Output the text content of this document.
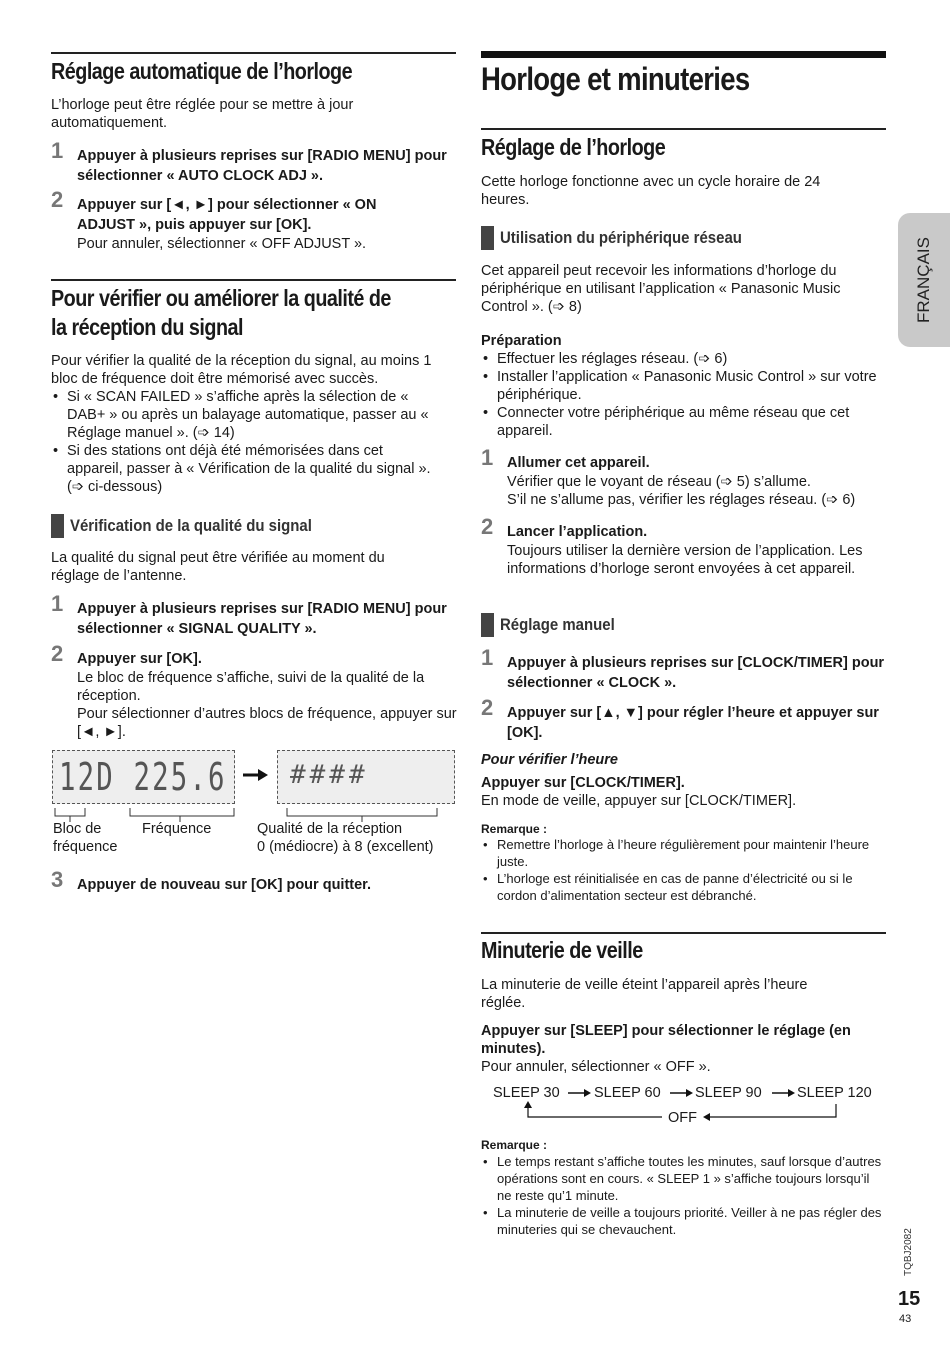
Réglage automatique de l’horloge
L’horloge peut être réglée pour se mettre à jour automatiquement.
1 Appuyer à plusieurs reprises sur [RADIO MENU] pour sélectionner « AUTO CLOCK ADJ ».
2 Appuyer sur [◄, ►] pour sélectionner « ON ADJUST », puis appuyer sur [OK].
Pour annuler, sélectionner « OFF ADJUST ».
Pour vérifier ou améliorer la qualité de
la réception du signal
Pour vérifier la qualité de la réception du signal, au moins 1 bloc de fréquence doit être mémorisé avec succès.
• Si « SCAN FAILED » s’affiche après la sélection de « DAB+ » ou après un balayage automatique, passer au « Réglage manuel ». (➩ 14)
• Si des stations ont déjà été mémorisées dans cet appareil, passer à « Vérification de la qualité du signal ». (➩ ci-dessous)
Vérification de la qualité du signal
La qualité du signal peut être vérifiée au moment du réglage de l’antenne.
1 Appuyer à plusieurs reprises sur [RADIO MENU] pour sélectionner « SIGNAL QUALITY ».
2 Appuyer sur [OK].
Le bloc de fréquence s’affiche, suivi de la qualité de la réception.
Pour sélectionner d’autres blocs de fréquence, appuyer sur [◄, ►].
12D 225.6 ####
Bloc de fréquence
Fréquence	Qualité de la réception
0 (médiocre) à 8 (excellent)
3 Appuyer de nouveau sur [OK] pour quitter.
Horloge et minuteries
Réglage de l’horloge
Cette horloge fonctionne avec un cycle horaire de 24 heures.
Utilisation du périphérique réseau
Cet appareil peut recevoir les informations d’horloge du périphérique en utilisant l’application « Panasonic Music Control ». (➩ 8)
Préparation
• Effectuer les réglages réseau. (➩ 6)
• Installer l’application « Panasonic Music Control » sur votre périphérique.
• Connecter votre périphérique au même réseau que cet appareil.
1 Allumer cet appareil.
Vérifier que le voyant de réseau (➩ 5) s’allume.
S’il ne s’allume pas, vérifier les réglages réseau. (➩ 6)
2 Lancer l’application.
Toujours utiliser la dernière version de l’application. Les informations d’horloge seront envoyées à cet appareil.
Réglage manuel
1 Appuyer à plusieurs reprises sur [CLOCK/TIMER] pour sélectionner « CLOCK ».
2 Appuyer sur [▲, ▼] pour régler l’heure et appuyer sur [OK].
Pour vérifier l’heure
Appuyer sur [CLOCK/TIMER].
En mode de veille, appuyer sur [CLOCK/TIMER].
Remarque :
• Remettre l’horloge à l’heure régulièrement pour maintenir l’heure juste.
• L’horloge est réinitialisée en cas de panne d’électricité ou si le cordon d’alimentation secteur est débranché.
Minuterie de veille
La minuterie de veille éteint l’appareil après l’heure réglée.
Appuyer sur [SLEEP] pour sélectionner le réglage (en minutes).
Pour annuler, sélectionner « OFF ».
SLEEP 30 SLEEP 60 SLEEP 90 SLEEP 120
OFF
Remarque :
• Le temps restant s’affiche toutes les minutes, sauf lorsque d’autres opérations sont en cours. « SLEEP 1 » s’affiche toujours lorsqu’il ne reste qu’1 minute.
• La minuterie de veille a toujours priorité. Veiller à ne pas régler des minuteries qui se chevauchent.
FRANÇAIS
TQBJ2082
15
43
